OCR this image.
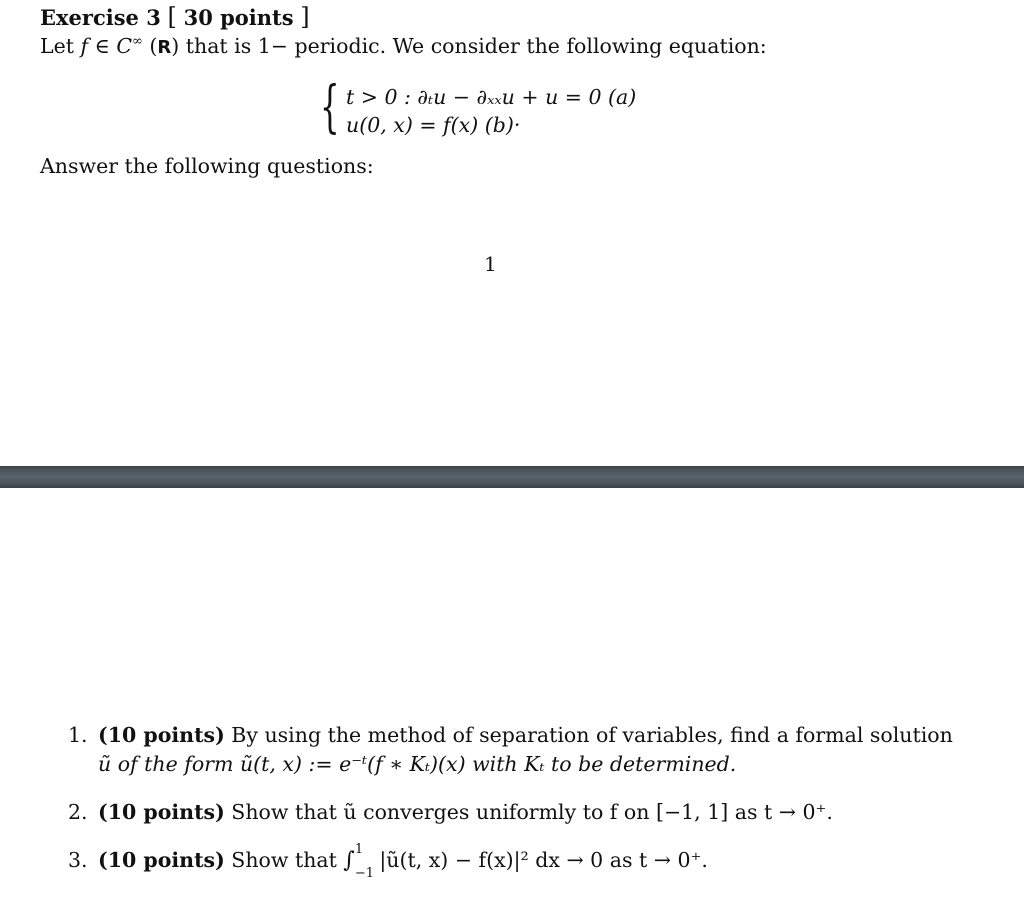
Exercise 3 [ 30 points ]
Let f ∈ C∞ (R) that is 1− periodic. We consider the following equation:
{ t > 0 : ∂ₜu − ∂ₓₓu + u = 0 (a)
u(0, x) = f(x) (b)·
Answer the following questions:
1
1. (10 points) By using the method of separation of variables, find a formal solution
ũ of the form ũ(t, x) := e⁻ᵗ(f ∗ Kₜ)(x) with Kₜ to be determined.
2. (10 points) Show that ũ converges uniformly to f on [−1, 1] as t → 0⁺.
3. (10 points) Show that ∫ 1
−1
|ũ(t, x) − f(x)|² dx → 0 as t → 0⁺.
